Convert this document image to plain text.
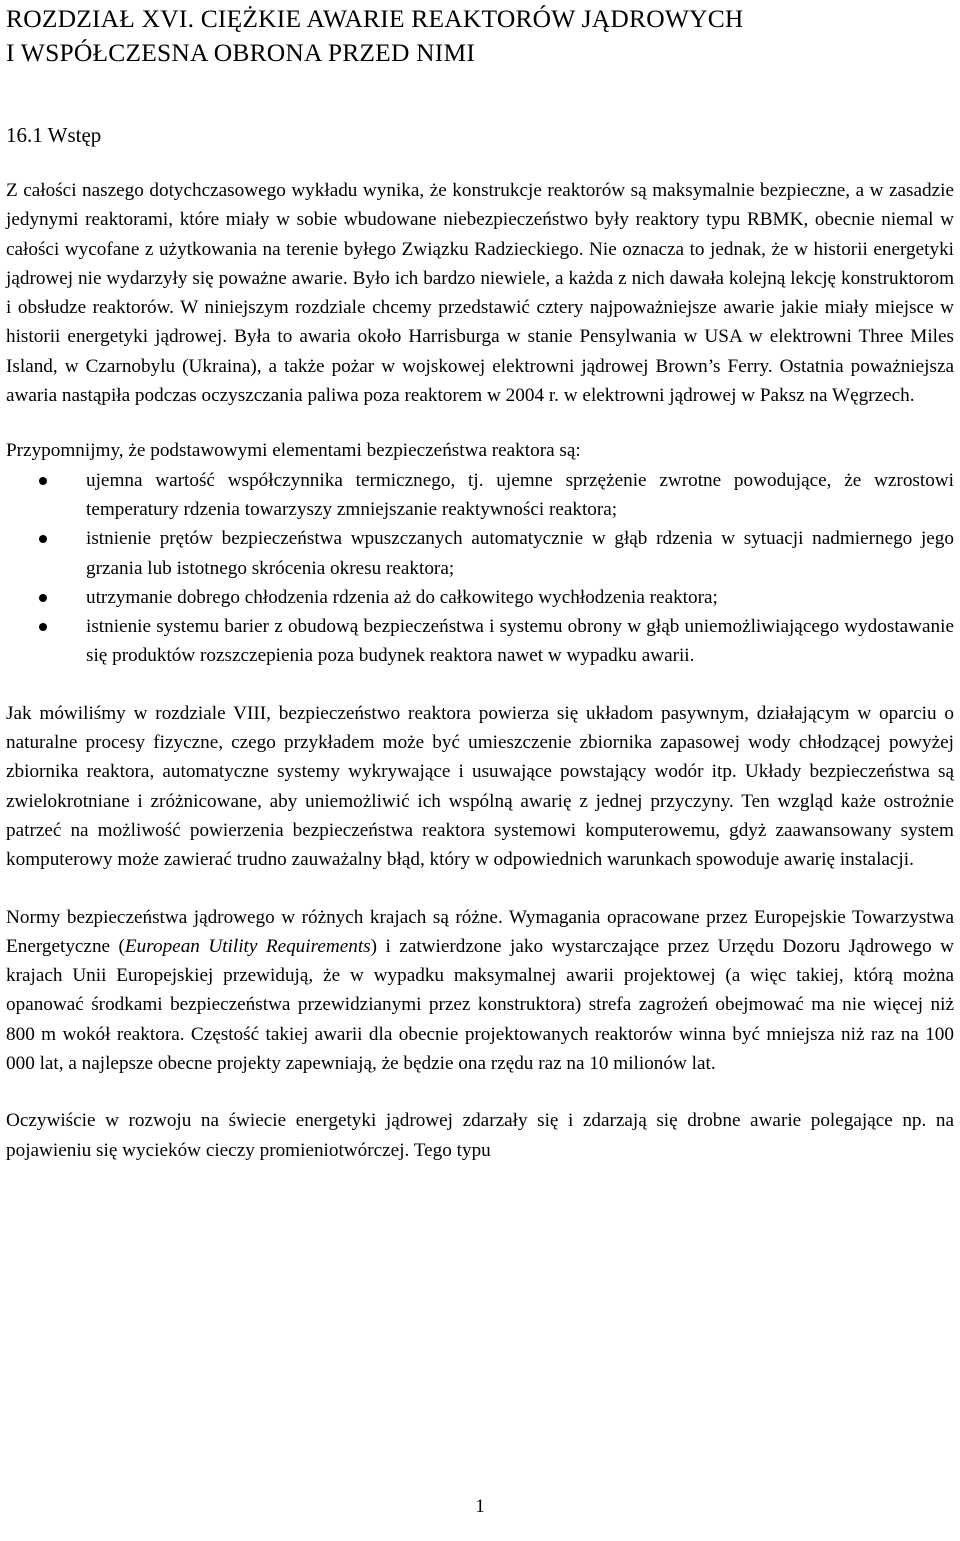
ROZDZIAŁ XVI. CIĘŻKIE AWARIE REAKTORÓW JĄDROWYCH
I WSPÓŁCZESNA OBRONA PRZED NIMI
16.1 Wstęp

Z całości naszego dotychczasowego wykładu wynika, że konstrukcje reaktorów są maksymalnie bezpieczne, a w zasadzie jedynymi reaktorami, które miały w sobie wbudowane niebezpieczeństwo były reaktory typu RBMK, obecnie niemal w całości wycofane z użytkowania na terenie byłego Związku Radzieckiego. Nie oznacza to jednak, że w historii energetyki jądrowej nie wydarzyły się poważne awarie. Było ich bardzo niewiele, a każda z nich dawała kolejną lekcję konstruktorom i obsłudze reaktorów. W niniejszym rozdziale chcemy przedstawić cztery najpoważniejsze awarie jakie miały miejsce w historii energetyki jądrowej. Była to awaria około Harrisburga w stanie Pensylwania w USA w elektrowni Three Miles Island, w Czarnobylu (Ukraina), a także pożar w wojskowej elektrowni jądrowej Brown’s Ferry. Ostatnia poważniejsza awaria nastąpiła podczas oczyszczania paliwa poza reaktorem w 2004 r. w elektrowni jądrowej w Paksz na Węgrzech.

Przypomnijmy, że podstawowymi elementami bezpieczeństwa reaktora są:

ujemna wartość współczynnika termicznego, tj. ujemne sprzężenie zwrotne powodujące, że wzrostowi temperatury rdzenia towarzyszy zmniejszanie reaktywności reaktora;
istnienie prętów bezpieczeństwa wpuszczanych automatycznie w głąb rdzenia w sytuacji nadmiernego jego grzania lub istotnego skrócenia okresu reaktora;
utrzymanie dobrego chłodzenia rdzenia aż do całkowitego wychłodzenia reaktora;
istnienie systemu barier z obudową bezpieczeństwa i systemu obrony w głąb uniemożliwiającego wydostawanie się produktów rozszczepienia poza budynek reaktora nawet w wypadku awarii.

Jak mówiliśmy w rozdziale VIII, bezpieczeństwo reaktora powierza się układom pasywnym, działającym w oparciu o naturalne procesy fizyczne, czego przykładem może być umieszczenie zbiornika zapasowej wody chłodzącej powyżej zbiornika reaktora, automatyczne systemy wykrywające i usuwające powstający wodór itp. Układy bezpieczeństwa są zwielokrotniane i zróżnicowane, aby uniemożliwić ich wspólną awarię z jednej przyczyny. Ten wzgląd każe ostrożnie patrzeć na możliwość powierzenia bezpieczeństwa reaktora systemowi komputerowemu, gdyż zaawansowany system komputerowy może zawierać trudno zauważalny błąd, który w odpowiednich warunkach spowoduje awarię instalacji.

Normy bezpieczeństwa jądrowego w różnych krajach są różne. Wymagania opracowane przez Europejskie Towarzystwa Energetyczne (European Utility Requirements) i zatwierdzone jako wystarczające przez Urzędu Dozoru Jądrowego w krajach Unii Europejskiej przewidują, że w wypadku maksymalnej awarii projektowej (a więc takiej, którą można opanować środkami bezpieczeństwa przewidzianymi przez konstruktora) strefa zagrożeń obejmować ma nie więcej niż 800 m wokół reaktora. Częstość takiej awarii dla obecnie projektowanych reaktorów winna być mniejsza niż raz na 100 000 lat, a najlepsze obecne projekty zapewniają, że będzie ona rzędu raz na 10 milionów lat.

Oczywiście w rozwoju na świecie energetyki jądrowej zdarzały się i zdarzają się drobne awarie polegające np. na pojawieniu się wycieków cieczy promieniotwórczej. Tego typu

1
